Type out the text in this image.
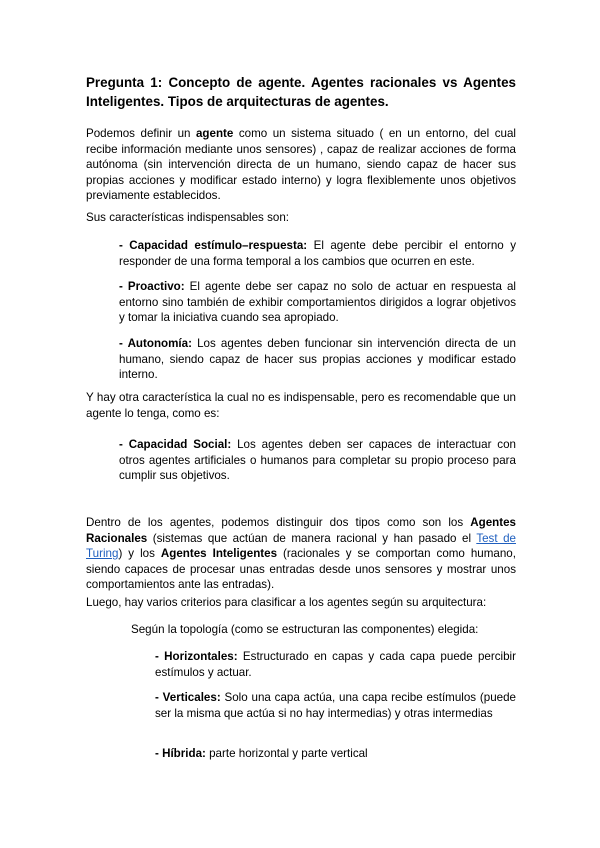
Pregunta 1: Concepto de agente. Agentes racionales vs Agentes Inteligentes. Tipos de arquitecturas de agentes.

Podemos definir un agente como un sistema situado ( en un entorno, del cual recibe información mediante unos sensores) , capaz de realizar acciones de forma autónoma (sin intervención directa de un humano, siendo capaz de hacer sus propias acciones y modificar estado interno) y logra flexiblemente unos objetivos previamente establecidos.

Sus características indispensables son:

- Capacidad estímulo–respuesta: El agente debe percibir el entorno y responder de una forma temporal a los cambios que ocurren en este.

- Proactivo: El agente debe ser capaz no solo de actuar en respuesta al entorno sino también de exhibir comportamientos dirigidos a lograr objetivos y tomar la iniciativa cuando sea apropiado.

- Autonomía: Los agentes deben funcionar sin intervención directa de un humano, siendo capaz de hacer sus propias acciones y modificar estado interno.

Y hay otra característica la cual no es indispensable, pero es recomendable que un agente lo tenga, como es:

- Capacidad Social: Los agentes deben ser capaces de interactuar con otros agentes artificiales o humanos para completar su propio proceso para cumplir sus objetivos.

Dentro de los agentes, podemos distinguir dos tipos como son los Agentes Racionales (sistemas que actúan de manera racional y han pasado el Test de Turing) y los Agentes Inteligentes (racionales y se comportan como humano, siendo capaces de procesar unas entradas desde unos sensores y mostrar unos comportamientos ante las entradas).

Luego, hay varios criterios para clasificar a los agentes según su arquitectura:

Según la topología (como se estructuran las componentes) elegida:

- Horizontales: Estructurado en capas y cada capa puede percibir estímulos y actuar.

- Verticales: Solo una capa actúa, una capa recibe estímulos (puede ser la misma que actúa si no hay intermedias) y otras intermedias

- Híbrida: parte horizontal y parte vertical
